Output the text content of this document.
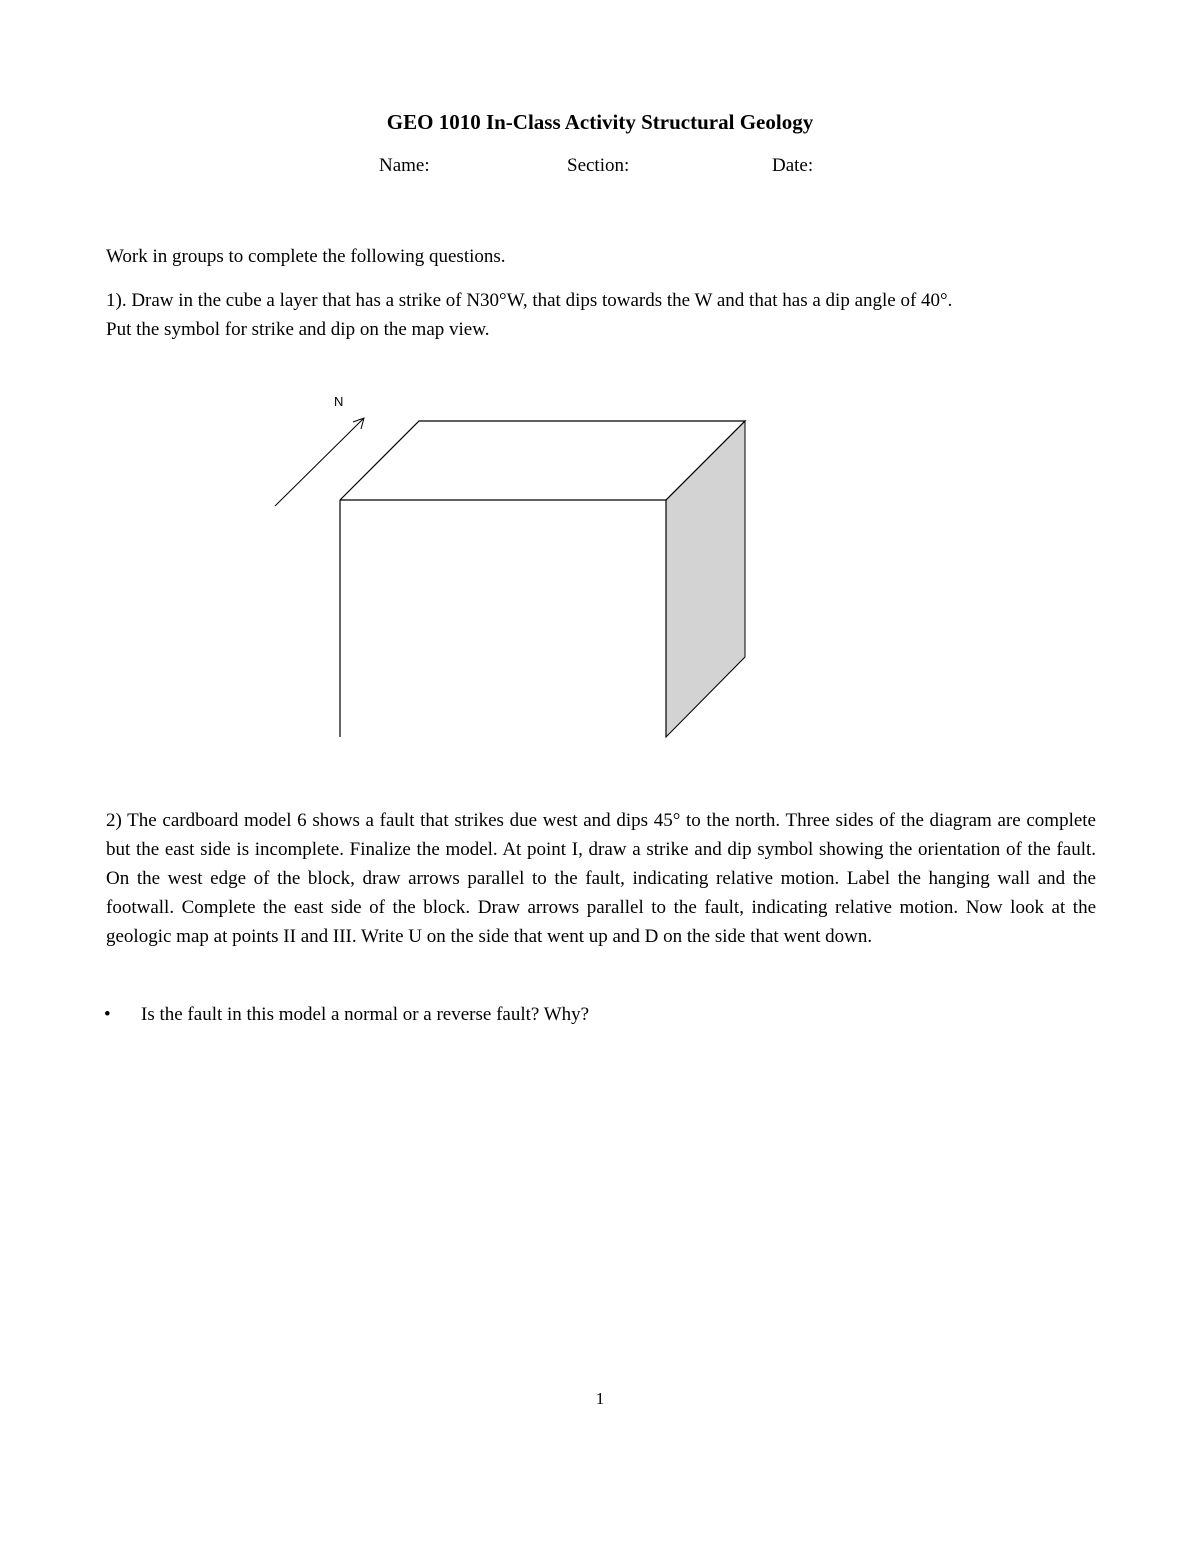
GEO 1010 In-Class Activity Structural Geology
Name:	Section:	Date:

Work in groups to complete the following questions.

1). Draw in the cube a layer that has a strike of N30°W, that dips towards the W and that has a dip angle of 40°.

Put the symbol for strike and dip on the map view.

N

2) The cardboard model 6 shows a fault that strikes due west and dips 45° to the north. Three sides of the diagram are complete but the east side is incomplete. Finalize the model. At point I, draw a strike and dip symbol showing the orientation of the fault. On the west edge of the block, draw arrows parallel to the fault, indicating relative motion. Label the hanging wall and the footwall. Complete the east side of the block. Draw arrows parallel to the fault, indicating relative motion. Now look at the geologic map at points II and III. Write U on the side that went up and D on the side that went down.

• Is the fault in this model a normal or a reverse fault? Why?
1
